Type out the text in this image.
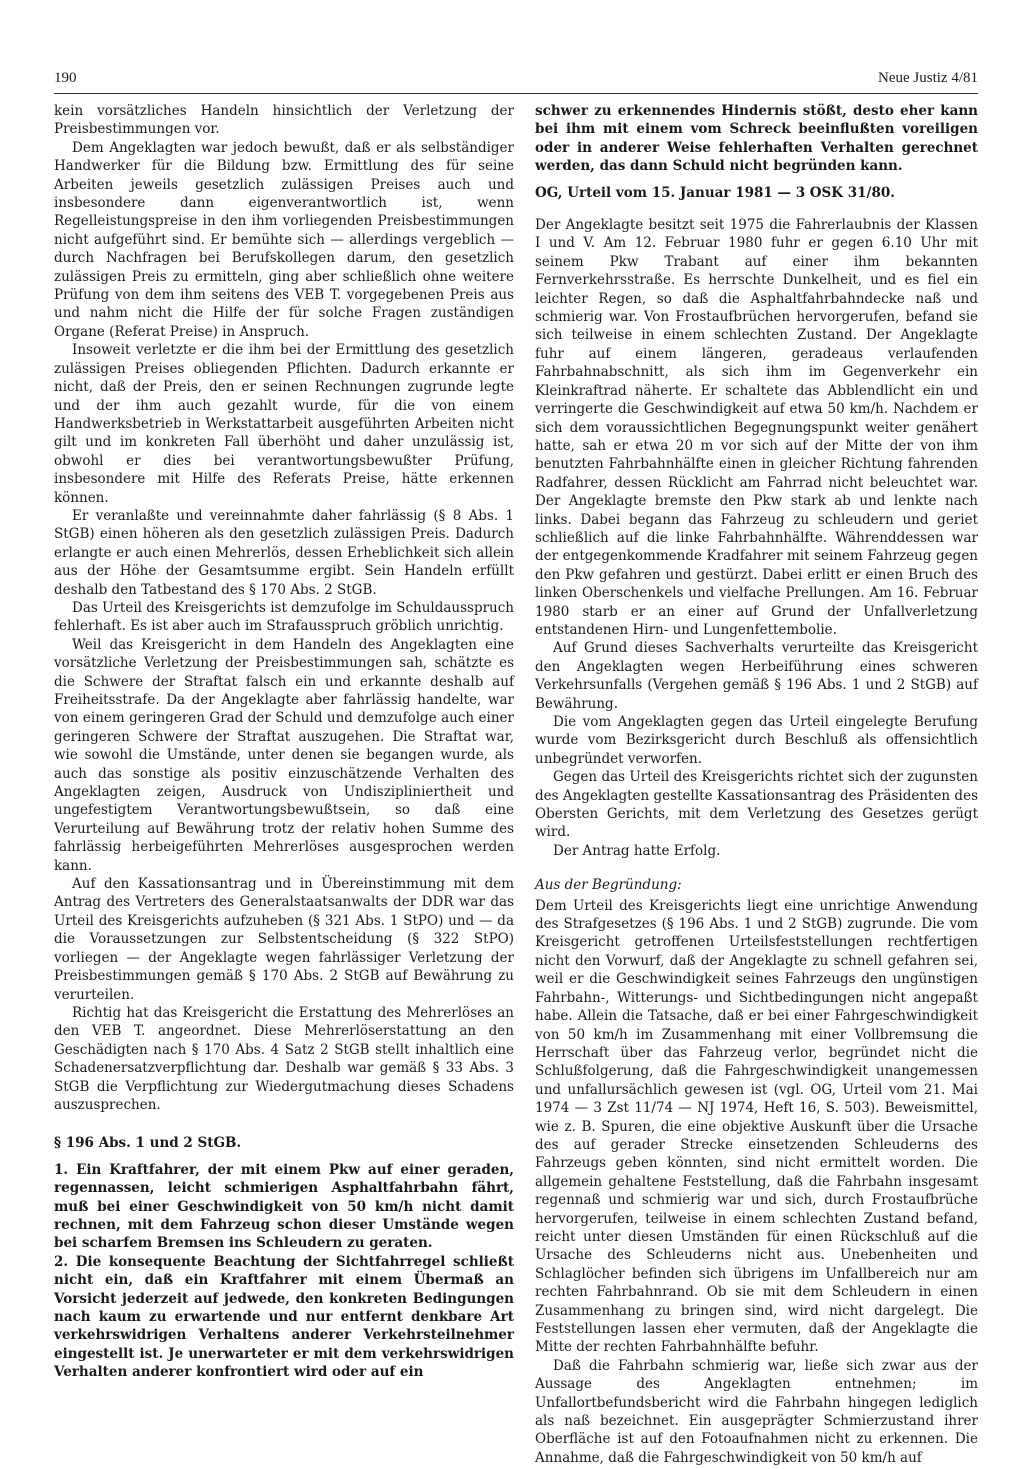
190	Neue Justiz 4/81

kein vorsätzliches Handeln hinsichtlich der Verletzung der Preisbestimmungen vor.

Dem Angeklagten war jedoch bewußt, daß er als selbständiger Handwerker für die Bildung bzw. Ermittlung des für seine Arbeiten jeweils gesetzlich zulässigen Preises auch und insbesondere dann eigenverantwortlich ist, wenn Regelleistungspreise in den ihm vorliegenden Preisbestimmungen nicht aufgeführt sind. Er bemühte sich — allerdings vergeblich — durch Nachfragen bei Berufskollegen darum, den gesetzlich zulässigen Preis zu ermitteln, ging aber schließlich ohne weitere Prüfung von dem ihm seitens des VEB T. vorgegebenen Preis aus und nahm nicht die Hilfe der für solche Fragen zuständigen Organe (Referat Preise) in Anspruch.

Insoweit verletzte er die ihm bei der Ermittlung des gesetzlich zulässigen Preises obliegenden Pflichten. Dadurch erkannte er nicht, daß der Preis, den er seinen Rechnungen zugrunde legte und der ihm auch gezahlt wurde, für die von einem Handwerksbetrieb in Werkstattarbeit ausgeführten Arbeiten nicht gilt und im konkreten Fall überhöht und daher unzulässig ist, obwohl er dies bei verantwortungsbewußter Prüfung, insbesondere mit Hilfe des Referats Preise, hätte erkennen können.

Er veranlaßte und vereinnahmte daher fahrlässig (§ 8 Abs. 1 StGB) einen höheren als den gesetzlich zulässigen Preis. Dadurch erlangte er auch einen Mehrerlös, dessen Erheblichkeit sich allein aus der Höhe der Gesamtsumme ergibt. Sein Handeln erfüllt deshalb den Tatbestand des § 170 Abs. 2 StGB.

Das Urteil des Kreisgerichts ist demzufolge im Schuldausspruch fehlerhaft. Es ist aber auch im Strafausspruch gröblich unrichtig.

Weil das Kreisgericht in dem Handeln des Angeklagten eine vorsätzliche Verletzung der Preisbestimmungen sah, schätzte es die Schwere der Straftat falsch ein und erkannte deshalb auf Freiheitsstrafe. Da der Angeklagte aber fahrlässig handelte, war von einem geringeren Grad der Schuld und demzufolge auch einer geringeren Schwere der Straftat auszugehen. Die Straftat war, wie sowohl die Umstände, unter denen sie begangen wurde, als auch das sonstige als positiv einzuschätzende Verhalten des Angeklagten zeigen, Ausdruck von Undiszipliniertheit und ungefestigtem Verantwortungsbewußtsein, so daß eine Verurteilung auf Bewährung trotz der relativ hohen Summe des fahrlässig herbeigeführten Mehrerlöses ausgesprochen werden kann.

Auf den Kassationsantrag und in Übereinstimmung mit dem Antrag des Vertreters des Generalstaatsanwalts der DDR war das Urteil des Kreisgerichts aufzuheben (§ 321 Abs. 1 StPO) und — da die Voraussetzungen zur Selbstentscheidung (§ 322 StPO) vorliegen — der Angeklagte wegen fahrlässiger Verletzung der Preisbestimmungen gemäß § 170 Abs. 2 StGB auf Bewährung zu verurteilen.

Richtig hat das Kreisgericht die Erstattung des Mehrerlöses an den VEB T. angeordnet. Diese Mehrerlöserstattung an den Geschädigten nach § 170 Abs. 4 Satz 2 StGB stellt inhaltlich eine Schadenersatzverpflichtung dar. Deshalb war gemäß § 33 Abs. 3 StGB die Verpflichtung zur Wiedergutmachung dieses Schadens auszusprechen.

§ 196 Abs. 1 und 2 StGB.

1. Ein Kraftfahrer, der mit einem Pkw auf einer geraden, regennassen, leicht schmierigen Asphaltfahrbahn fährt, muß bei einer Geschwindigkeit von 50 km/h nicht damit rechnen, mit dem Fahrzeug schon dieser Umstände wegen bei scharfem Bremsen ins Schleudern zu geraten.

2. Die konsequente Beachtung der Sichtfahrregel schließt nicht ein, daß ein Kraftfahrer mit einem Übermaß an Vorsicht jederzeit auf jedwede, den konkreten Bedingungen nach kaum zu erwartende und nur entfernt denkbare Art verkehrswidrigen Verhaltens anderer Verkehrsteilnehmer eingestellt ist. Je unerwarteter er mit dem verkehrswidrigen Verhalten anderer konfrontiert wird oder auf ein

schwer zu erkennendes Hindernis stößt, desto eher kann bei ihm mit einem vom Schreck beeinflußten voreiligen oder in anderer Weise fehlerhaften Verhalten gerechnet werden, das dann Schuld nicht begründen kann.

OG, Urteil vom 15. Januar 1981 — 3 OSK 31/80.

Der Angeklagte besitzt seit 1975 die Fahrerlaubnis der Klassen I und V. Am 12. Februar 1980 fuhr er gegen 6.10 Uhr mit seinem Pkw Trabant auf einer ihm bekannten Fernverkehrsstraße. Es herrschte Dunkelheit, und es fiel ein leichter Regen, so daß die Asphaltfahrbahndecke naß und schmierig war. Von Frostaufbrüchen hervorgerufen, befand sie sich teilweise in einem schlechten Zustand. Der Angeklagte fuhr auf einem längeren, geradeaus verlaufenden Fahrbahnabschnitt, als sich ihm im Gegenverkehr ein Kleinkraftrad näherte. Er schaltete das Abblendlicht ein und verringerte die Geschwindigkeit auf etwa 50 km/h. Nachdem er sich dem voraussichtlichen Begegnungspunkt weiter genähert hatte, sah er etwa 20 m vor sich auf der Mitte der von ihm benutzten Fahrbahnhälfte einen in gleicher Richtung fahrenden Radfahrer, dessen Rücklicht am Fahrrad nicht beleuchtet war. Der Angeklagte bremste den Pkw stark ab und lenkte nach links. Dabei begann das Fahrzeug zu schleudern und geriet schließlich auf die linke Fahrbahnhälfte. Währenddessen war der entgegenkommende Kradfahrer mit seinem Fahrzeug gegen den Pkw gefahren und gestürzt. Dabei erlitt er einen Bruch des linken Oberschenkels und vielfache Prellungen. Am 16. Februar 1980 starb er an einer auf Grund der Unfallverletzung entstandenen Hirn- und Lungenfettembolie.

Auf Grund dieses Sachverhalts verurteilte das Kreisgericht den Angeklagten wegen Herbeiführung eines schweren Verkehrsunfalls (Vergehen gemäß § 196 Abs. 1 und 2 StGB) auf Bewährung.

Die vom Angeklagten gegen das Urteil eingelegte Berufung wurde vom Bezirksgericht durch Beschluß als offensichtlich unbegründet verworfen.

Gegen das Urteil des Kreisgerichts richtet sich der zugunsten des Angeklagten gestellte Kassationsantrag des Präsidenten des Obersten Gerichts, mit dem Verletzung des Gesetzes gerügt wird.

Der Antrag hatte Erfolg.

Aus der Begründung:

Dem Urteil des Kreisgerichts liegt eine unrichtige Anwendung des Strafgesetzes (§ 196 Abs. 1 und 2 StGB) zugrunde. Die vom Kreisgericht getroffenen Urteilsfeststellungen rechtfertigen nicht den Vorwurf, daß der Angeklagte zu schnell gefahren sei, weil er die Geschwindigkeit seines Fahrzeugs den ungünstigen Fahrbahn-, Witterungs- und Sichtbedingungen nicht angepaßt habe. Allein die Tatsache, daß er bei einer Fahrgeschwindigkeit von 50 km/h im Zusammenhang mit einer Vollbremsung die Herrschaft über das Fahrzeug verlor, begründet nicht die Schlußfolgerung, daß die Fahrgeschwindigkeit unangemessen und unfallursächlich gewesen ist (vgl. OG, Urteil vom 21. Mai 1974 — 3 Zst 11/74 — NJ 1974, Heft 16, S. 503). Beweismittel, wie z. B. Spuren, die eine objektive Auskunft über die Ursache des auf gerader Strecke einsetzenden Schleuderns des Fahrzeugs geben könnten, sind nicht ermittelt worden. Die allgemein gehaltene Feststellung, daß die Fahrbahn insgesamt regennaß und schmierig war und sich, durch Frostaufbrüche hervorgerufen, teilweise in einem schlechten Zustand befand, reicht unter diesen Umständen für einen Rückschluß auf die Ursache des Schleuderns nicht aus. Unebenheiten und Schlaglöcher befinden sich übrigens im Unfallbereich nur am rechten Fahrbahnrand. Ob sie mit dem Schleudern in einen Zusammenhang zu bringen sind, wird nicht dargelegt. Die Feststellungen lassen eher vermuten, daß der Angeklagte die Mitte der rechten Fahrbahnhälfte befuhr.

Daß die Fahrbahn schmierig war, ließe sich zwar aus der Aussage des Angeklagten entnehmen; im Unfallortbefundsbericht wird die Fahrbahn hingegen lediglich als naß bezeichnet. Ein ausgeprägter Schmierzustand ihrer Oberfläche ist auf den Fotoaufnahmen nicht zu erkennen. Die Annahme, daß die Fahrgeschwindigkeit von 50 km/h auf
